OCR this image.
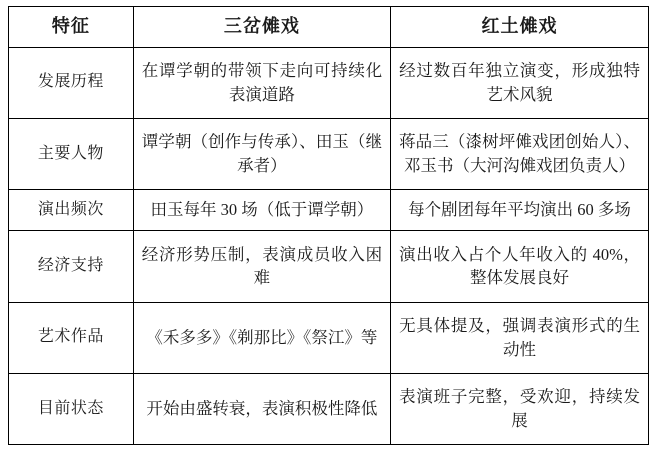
特征	三岔傩戏	红土傩戏
发展历程	在谭学朝的带领下走向可持续化表演道路	经过数百年独立演变，形成独特艺术风貌

主要人物	谭学朝（创作与传承）、田玉（继承者）	蒋品三（漆树坪傩戏团创始人）、邓玉书（大河沟傩戏团负责人）

演出频次	田玉每年 30 场（低于谭学朝）	每个剧团每年平均演出 60 多场

经济支持	经济形势压制，表演成员收入困难	演出收入占个人年收入的 40%，整体发展良好

艺术作品	《禾多多》《剃那比》《祭江》等	无具体提及，强调表演形式的生动性

目前状态	开始由盛转衰，表演积极性降低	表演班子完整，受欢迎，持续发展
